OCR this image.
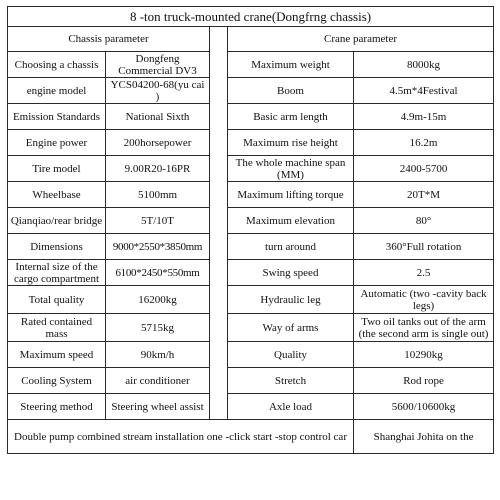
8 -ton truck-mounted crane(Dongfrng chassis)				
Chassis parameter			Crane parameter	
Choosing a chassis	Dongfeng Commercial DV3		Maximum weight	8000kg
engine model	YCS04200-68(yu cai )		Boom	4.5m*4Festival
Emission Standards	National Sixth		Basic arm length	4.9m-15m
Engine power	200horsepower		Maximum rise height	16.2m
Tire model	9.00R20-16PR		The whole machine span (MM)	2400-5700
Wheelbase	5100mm		Maximum lifting torque	20T*M
Qianqiao/rear bridge	5T/10T		Maximum elevation	80°
Dimensions	9000*2550*3850mm		turn around	360°Full rotation
Internal size of the cargo compartment	6100*2450*550mm		Swing speed	2.5
Total quality	16200kg		Hydraulic leg	Automatic (two -cavity back legs)
Rated contained mass	5715kg		Way of arms	Two oil tanks out of the arm (the second arm is single out)

Maximum speed	90km/h		Quality	10290kg
Cooling System	air conditioner		Stretch	Rod rope
Steering method	Steering wheel assist		Axle load	5600/10600kg
Double pump combined stream installation one -click start -stop control car				Shanghai Johita on the
